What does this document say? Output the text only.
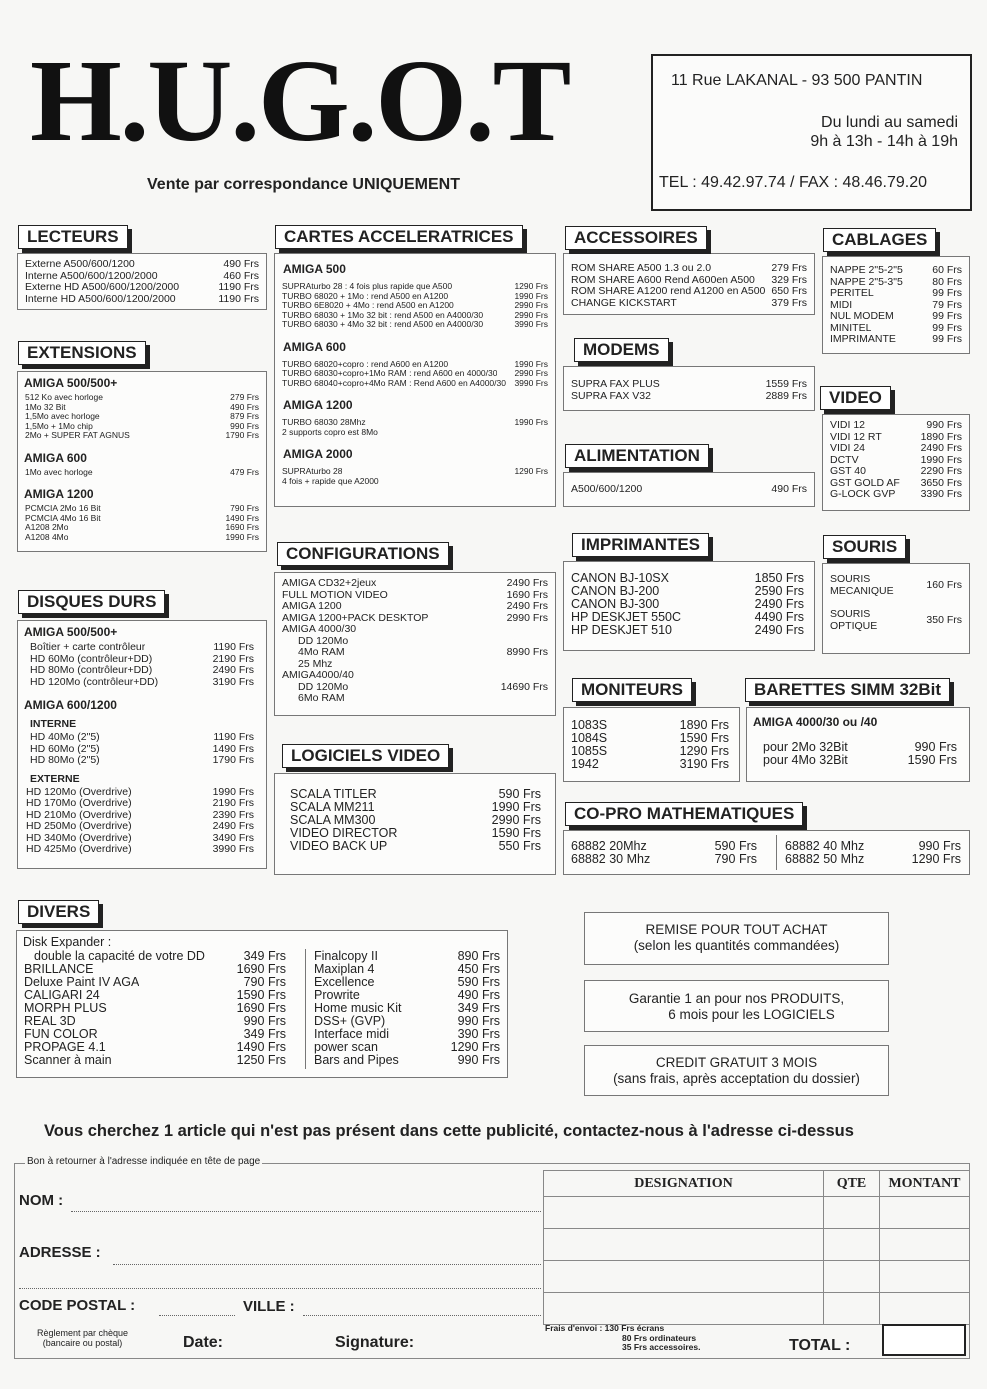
H.U.G.O.T
Vente par correspondance UNIQUEMENT
11 Rue LAKANAL - 93 500 PANTIN
Du lundi au samedi
9h à 13h - 14h à 19h
TEL : 49.42.97.74 / FAX : 48.46.79.20
LECTEURS
Externe A500/600/1200	490 Frs
Interne A500/600/1200/2000	460 Frs
Externe HD A500/600/1200/2000	1190 Frs
Interne HD A500/600/1200/2000	1190 Frs
EXTENSIONS
AMIGA 500/500+
512 Ko avec horloge	279 Frs
1Mo 32 Bit	490 Frs
1,5Mo avec horloge	879 Frs
1,5Mo + 1Mo chip	990 Frs
2Mo + SUPER FAT AGNUS	1790 Frs
AMIGA 600
1Mo avec horloge	479 Frs
AMIGA 1200
PCMCIA 2Mo 16 Bit	790 Frs
PCMCIA 4Mo 16 Bit	1490 Frs
A1208 2Mo	1690 Frs
A1208 4Mo	1990 Frs
DISQUES DURS
AMIGA 500/500+
Boîtier + carte contrôleur	1190 Frs
HD 60Mo (contrôleur+DD)	2190 Frs
HD 80Mo (contrôleur+DD)	2490 Frs
HD 120Mo (contrôleur+DD)	3190 Frs
AMIGA 600/1200
INTERNE
HD 40Mo (2"5)	1190 Frs
HD 60Mo (2"5)	1490 Frs
HD 80Mo (2"5)	1790 Frs
EXTERNE
HD 120Mo (Overdrive)	1990 Frs
HD 170Mo (Overdrive)	2190 Frs
HD 210Mo (Overdrive)	2390 Frs
HD 250Mo (Overdrive)	2490 Frs
HD 340Mo (Overdrive)	3490 Frs
HD 425Mo (Overdrive)	3990 Frs
CARTES ACCELERATRICES
AMIGA 500
SUPRAturbo 28 : 4 fois plus rapide que A500	1290 Frs
TURBO 68020 + 1Mo : rend A500 en A1200	1990 Frs
TURBO 6E8020 + 4Mo : rend A500 en A1200	2990 Frs
TURBO 68030 + 1Mo 32 bit : rend A500 en A4000/30	2990 Frs
TURBO 68030 + 4Mo 32 bit : rend A500 en A4000/30	3990 Frs
AMIGA 600
TURBO 68020+copro : rend A600 en A1200	1990 Frs
TURBO 68030+copro+1Mo RAM : rend A600 en 4000/30 2990 Frs
TURBO 68040+copro+4Mo RAM : Rend A600 en A4000/30 3990 Frs
AMIGA 1200
TURBO 68030 28Mhz	1990 Frs
2 supports copro est 8Mo
AMIGA 2000
SUPRAturbo 28	1290 Frs
4 fois + rapide que A2000
CONFIGURATIONS
AMIGA CD32+2jeux	2490 Frs
FULL MOTION VIDEO	1690 Frs
AMIGA 1200	2490 Frs
AMIGA 1200+PACK DESKTOP	2990 Frs
AMIGA 4000/30
DD 120Mo
4Mo RAM	8990 Frs
25 Mhz
AMIGA4000/40
DD 120Mo	14690 Frs
6Mo RAM
LOGICIELS VIDEO
SCALA TITLER	590 Frs
SCALA MM211	1990 Frs
SCALA MM300	2990 Frs
VIDEO DIRECTOR	1590 Frs
VIDEO BACK UP	550 Frs
ACCESSOIRES
ROM SHARE A500 1.3 ou 2.0	279 Frs
ROM SHARE A600 Rend A600en A500 329 Frs
ROM SHARE A1200 rend A1200 en A500 650 Frs
CHANGE KICKSTART	379 Frs
MODEMS
SUPRA FAX PLUS	1559 Frs
SUPRA FAX V32	2889 Frs
ALIMENTATION
A500/600/1200	490 Frs
IMPRIMANTES
CANON BJ-10SX	1850 Frs
CANON BJ-200	2590 Frs
CANON BJ-300	2490 Frs
HP DESKJET 550C	4490 Frs
HP DESKJET 510	2490 Frs
MONITEURS
1083S	1890 Frs
1084S	1590 Frs
1085S	1290 Frs
1942	3190 Frs
BARETTES SIMM 32Bit
AMIGA 4000/30 ou /40
pour 2Mo 32Bit	990 Frs
pour 4Mo 32Bit	1590 Frs
CO-PRO MATHEMATIQUES
68882 20Mhz	590 Frs
68882 30 Mhz	790 Frs
68882 40 Mhz	990 Frs
68882 50 Mhz	1290 Frs
CABLAGES
NAPPE 2"5-2"5	60 Frs
NAPPE 2"5-3"5	80 Frs
PERITEL	99 Frs
MIDI	79 Frs
NUL MODEM	99 Frs
MINITEL	99 Frs
IMPRIMANTE	99 Frs
VIDEO
VIDI 12	990 Frs
VIDI 12 RT	1890 Frs
VIDI 24	2490 Frs
DCTV	1990 Frs
GST 40	2290 Frs
GST GOLD AF 3650 Frs
G-LOCK GVP 3390 Frs
SOURIS
SOURIS
MECANIQUE	160 Frs
SOURIS
OPTIQUE	350 Frs
DIVERS
Disk Expander :
double la capacité de votre DD	349 Frs
BRILLANCE	1690 Frs
Deluxe Paint IV AGA	790 Frs
CALIGARI 24	1590 Frs
MORPH PLUS	1690 Frs
REAL 3D	990 Frs
FUN COLOR	349 Frs
PROPAGE 4.1	1490 Frs
Scanner à main	1250 Frs
Finalcopy II	890 Frs
Maxiplan 4	450 Frs
Excellence	590 Frs
Prowrite	490 Frs
Home music Kit	349 Frs
DSS+ (GVP)	990 Frs
Interface midi	390 Frs
power scan	1290 Frs
Bars and Pipes	990 Frs
REMISE POUR TOUT ACHAT
(selon les quantités commandées)
Garantie 1 an pour nos PRODUITS,
6 mois pour les LOGICIELS
CREDIT GRATUIT 3 MOIS
(sans frais, après acceptation du dossier)
Vous cherchez 1 article qui n'est pas présent dans cette publicité, contactez-nous à l'adresse ci-dessus
Bon à retourner à l'adresse indiquée en tête de page
NOM :
ADRESSE :
CODE POSTAL :	VILLE :
Règlement par chèque
(bancaire ou postal)	Date:	Signature:
DESIGNATION	QTE	MONTANT

Frais d'envoi : 130 Frs écrans
80 Frs ordinateurs
35 Frs accessoires.	TOTAL :
